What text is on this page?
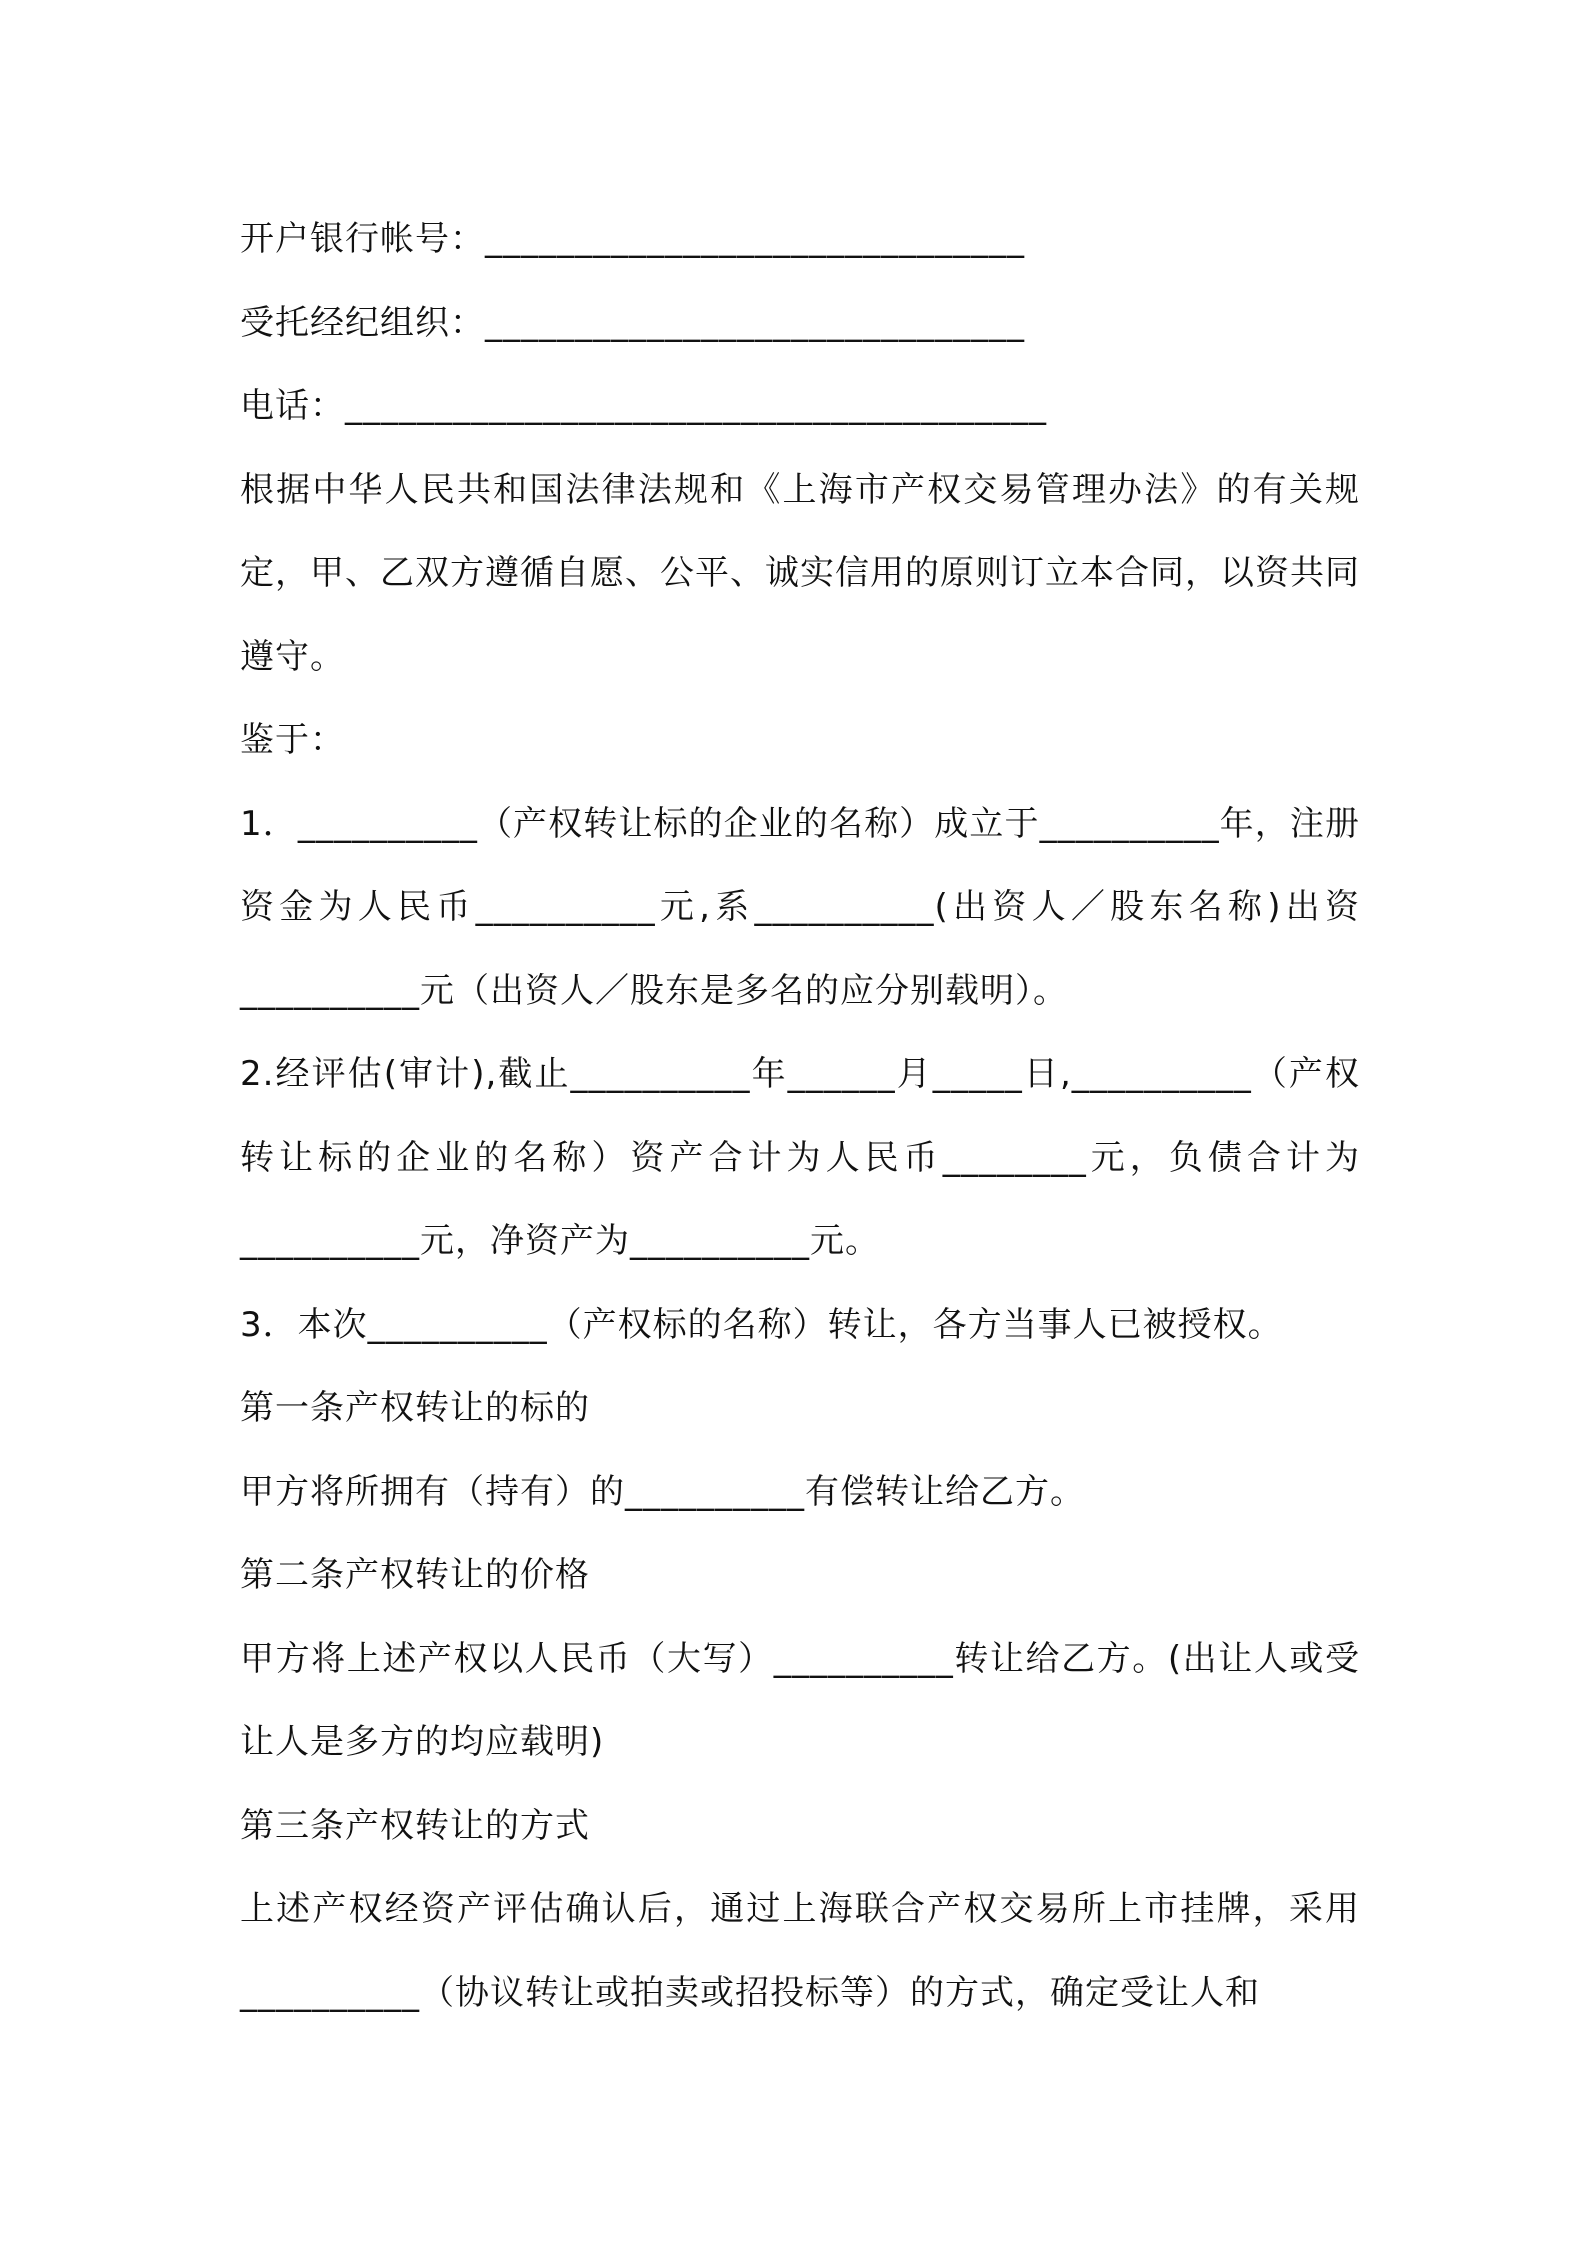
开户银行帐号：______________________________

受托经纪组织：______________________________

电话：_______________________________________

根据中华人民共和国法律法规和《上海市产权交易管理办法》的有关规定，甲、乙双方遵循自愿、公平、诚实信用的原则订立本合同，以资共同遵守。

鉴于：

1．__________（产权转让标的企业的名称）成立于__________年，注册资金为人民币__________元,系__________(出资人／股东名称)出资__________元（出资人／股东是多名的应分别载明）。

2.经评估(审计),截止__________年______月_____日,__________（产权转让标的企业的名称）资产合计为人民币________元，负债合计为__________元，净资产为__________元。

3．本次__________（产权标的名称）转让，各方当事人已被授权。

第一条产权转让的标的

甲方将所拥有（持有）的__________有偿转让给乙方。

第二条产权转让的价格

甲方将上述产权以人民币（大写）__________转让给乙方。(出让人或受让人是多方的均应载明)

第三条产权转让的方式

上述产权经资产评估确认后，通过上海联合产权交易所上市挂牌，采用__________（协议转让或拍卖或招投标等）的方式，确定受让人和
